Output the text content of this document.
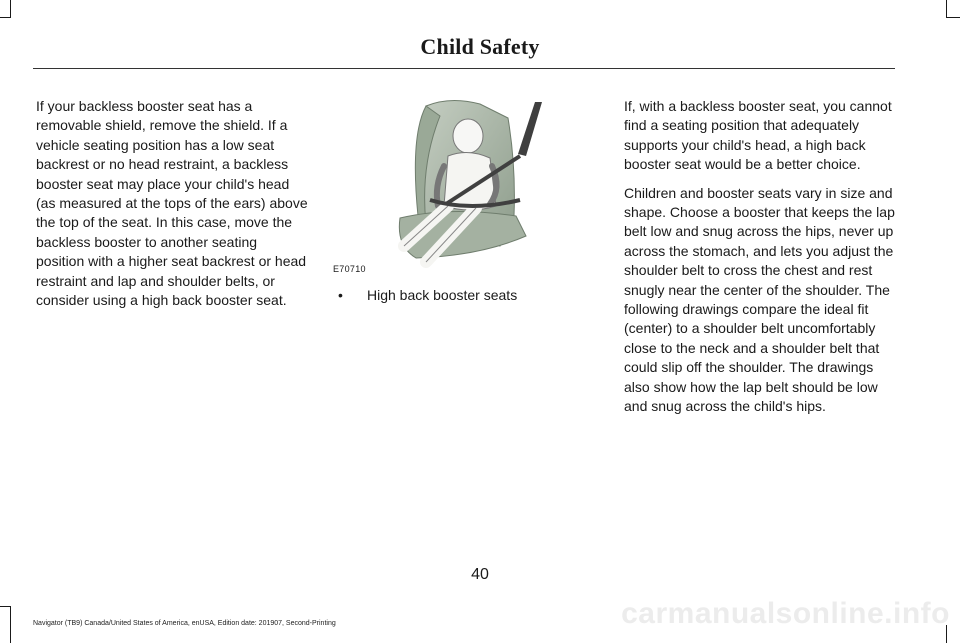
Child Safety

If your backless booster seat has a removable shield, remove the shield. If a vehicle seating position has a low seat backrest or no head restraint, a backless booster seat may place your child's head (as measured at the tops of the ears) above the top of the seat. In this case, move the backless booster to another seating position with a higher seat backrest or head restraint and lap and shoulder belts, or consider using a high back booster seat.

E70710
•	High back booster seats

If, with a backless booster seat, you cannot find a seating position that adequately supports your child's head, a high back booster seat would be a better choice.

Children and booster seats vary in size and shape. Choose a booster that keeps the lap belt low and snug across the hips, never up across the stomach, and lets you adjust the shoulder belt to cross the chest and rest snugly near the center of the shoulder. The following drawings compare the ideal fit (center) to a shoulder belt uncomfortably close to the neck and a shoulder belt that could slip off the shoulder. The drawings also show how the lap belt should be low and snug across the child's hips.

40
Navigator (TB9) Canada/United States of America, enUSA, Edition date: 201907, Second-Printing	carmanualsonline.info
